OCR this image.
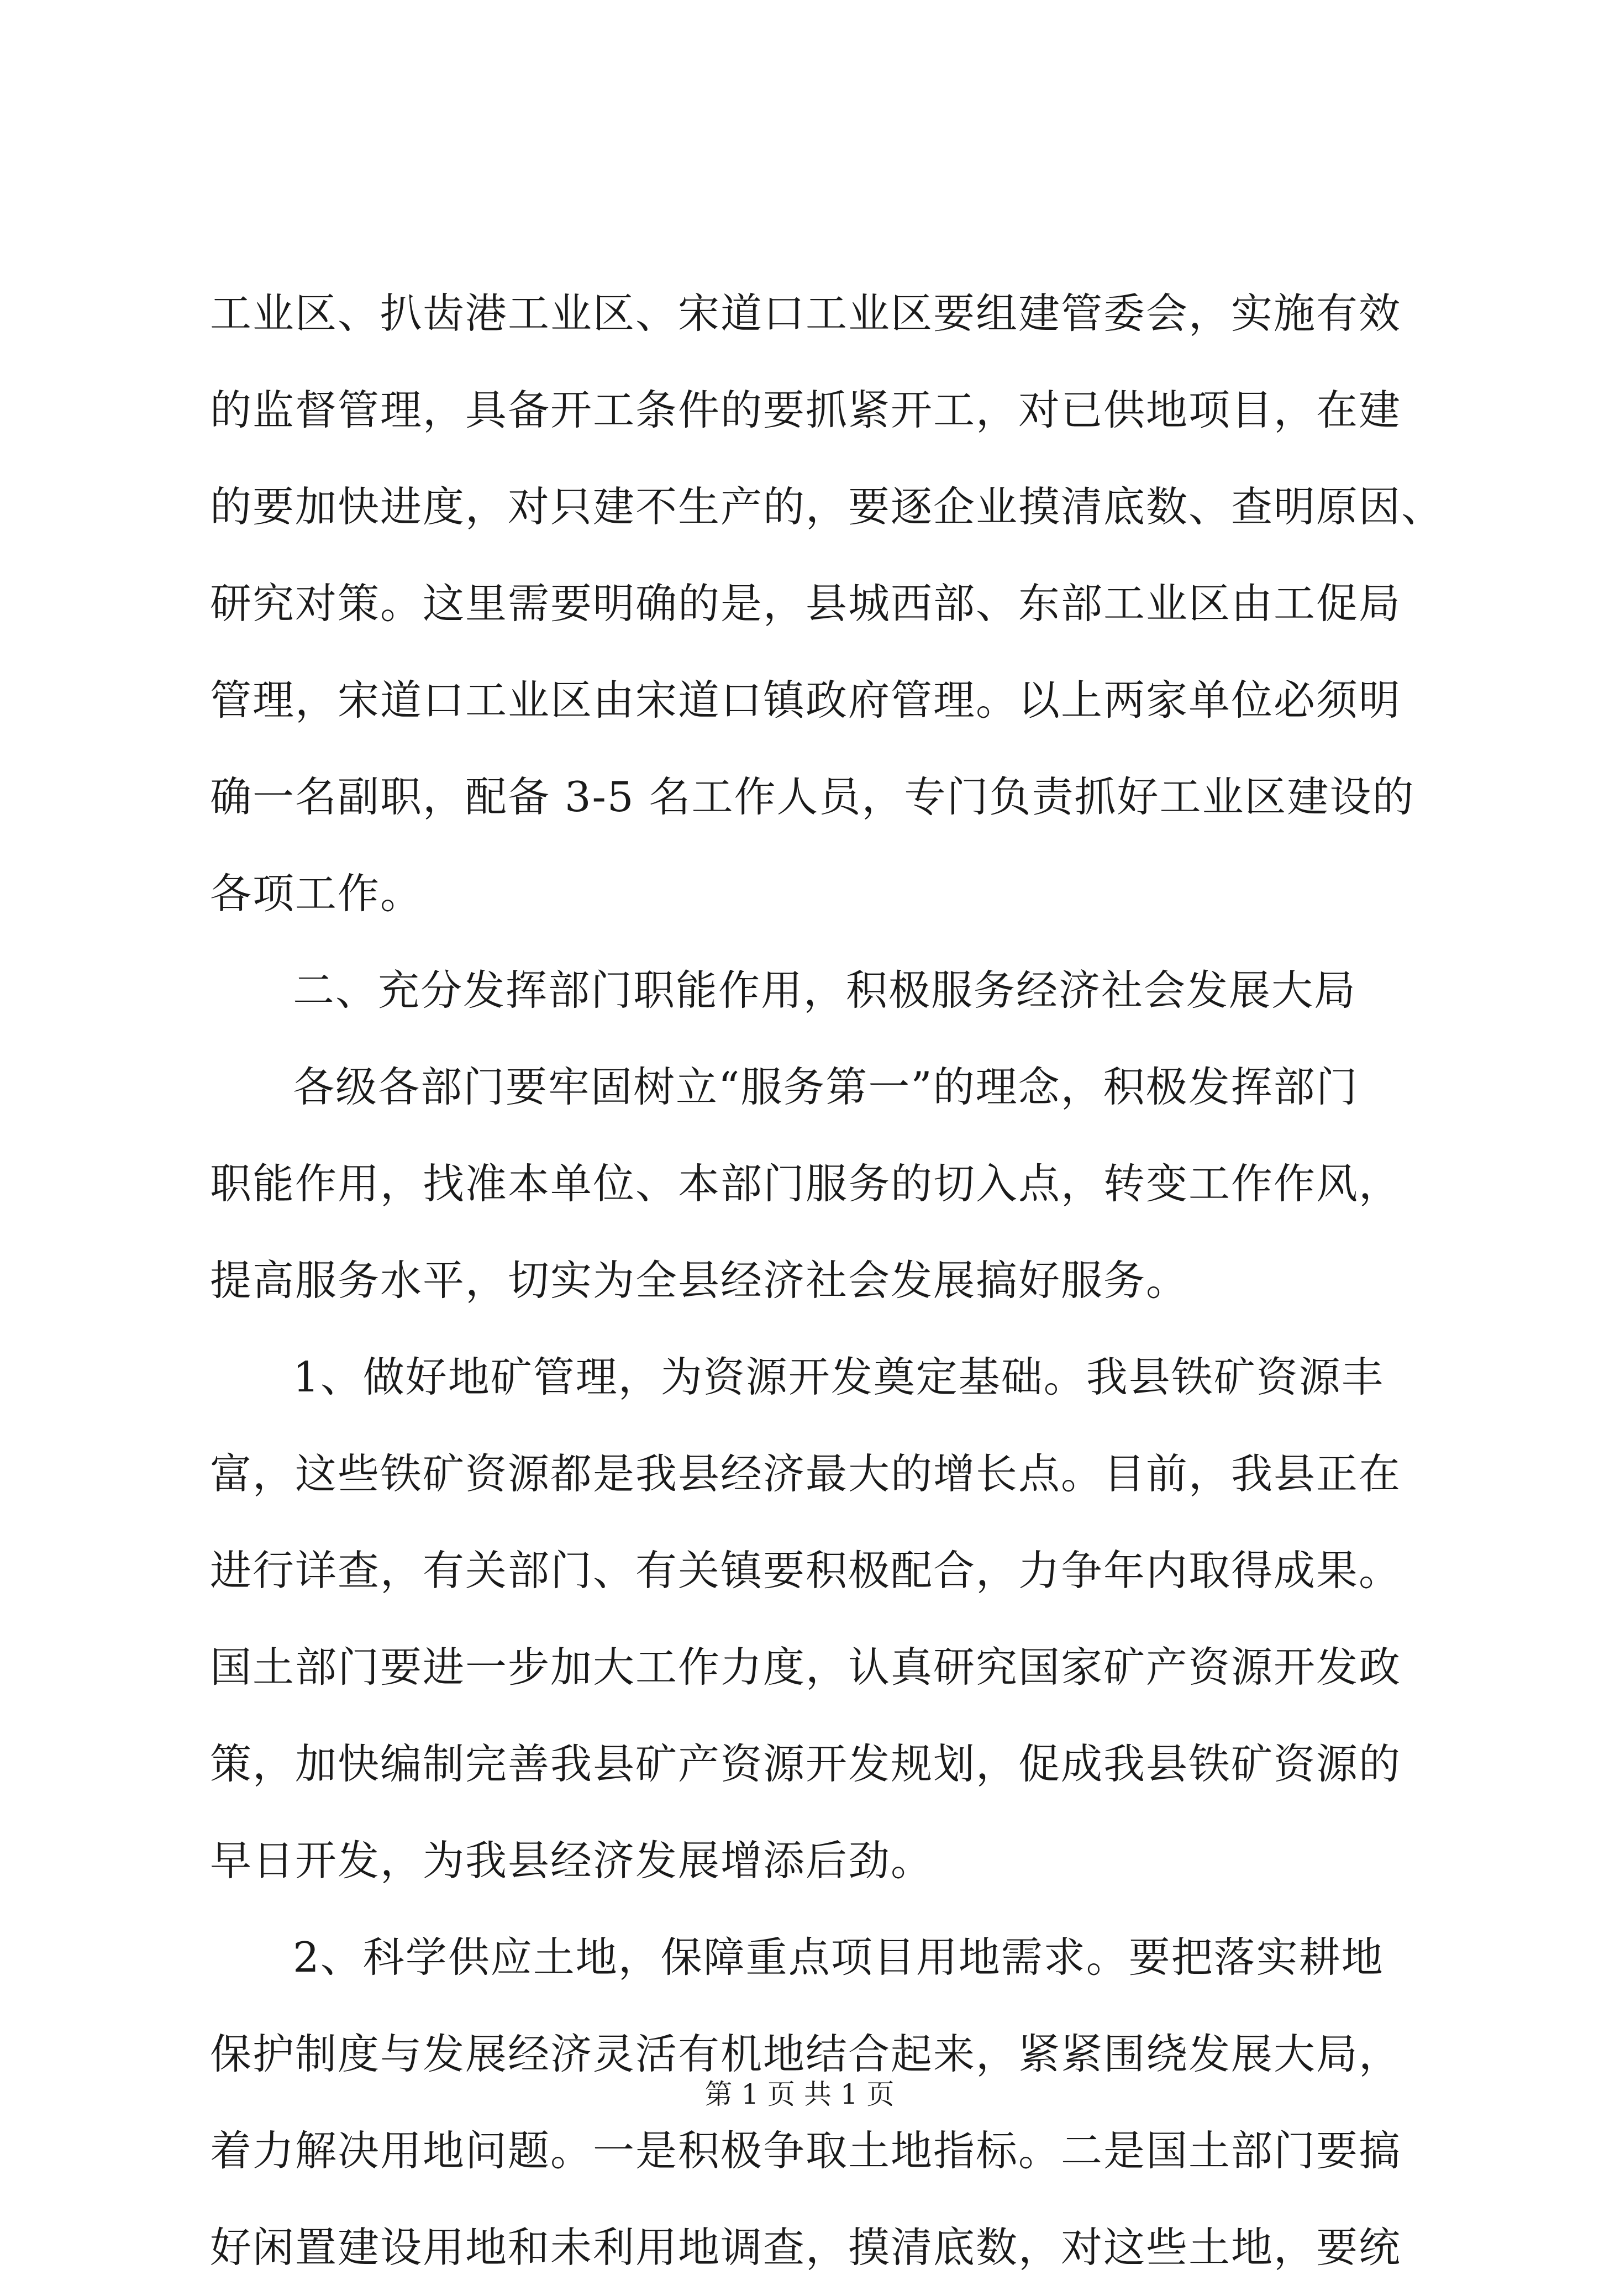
工业区、扒齿港工业区、宋道口工业区要组建管委会，实施有效
的监督管理，具备开工条件的要抓紧开工，对已供地项目，在建
的要加快进度，对只建不生产的，要逐企业摸清底数、查明原因、
研究对策。这里需要明确的是，县城西部、东部工业区由工促局
管理，宋道口工业区由宋道口镇政府管理。以上两家单位必须明
确一名副职，配备 3-5 名工作人员，专门负责抓好工业区建设的
各项工作。
二、充分发挥部门职能作用，积极服务经济社会发展大局
各级各部门要牢固树立“服务第一”的理念，积极发挥部门
职能作用，找准本单位、本部门服务的切入点，转变工作作风，
提高服务水平，切实为全县经济社会发展搞好服务。
1、做好地矿管理，为资源开发奠定基础。我县铁矿资源丰
富，这些铁矿资源都是我县经济最大的增长点。目前，我县正在
进行详查，有关部门、有关镇要积极配合，力争年内取得成果。
国土部门要进一步加大工作力度，认真研究国家矿产资源开发政
策，加快编制完善我县矿产资源开发规划，促成我县铁矿资源的
早日开发，为我县经济发展增添后劲。
2、科学供应土地，保障重点项目用地需求。要把落实耕地
保护制度与发展经济灵活有机地结合起来，紧紧围绕发展大局，
着力解决用地问题。一是积极争取土地指标。二是国土部门要搞
好闲置建设用地和未利用地调查，摸清底数，对这些土地，要统
第 1 页 共 1 页
